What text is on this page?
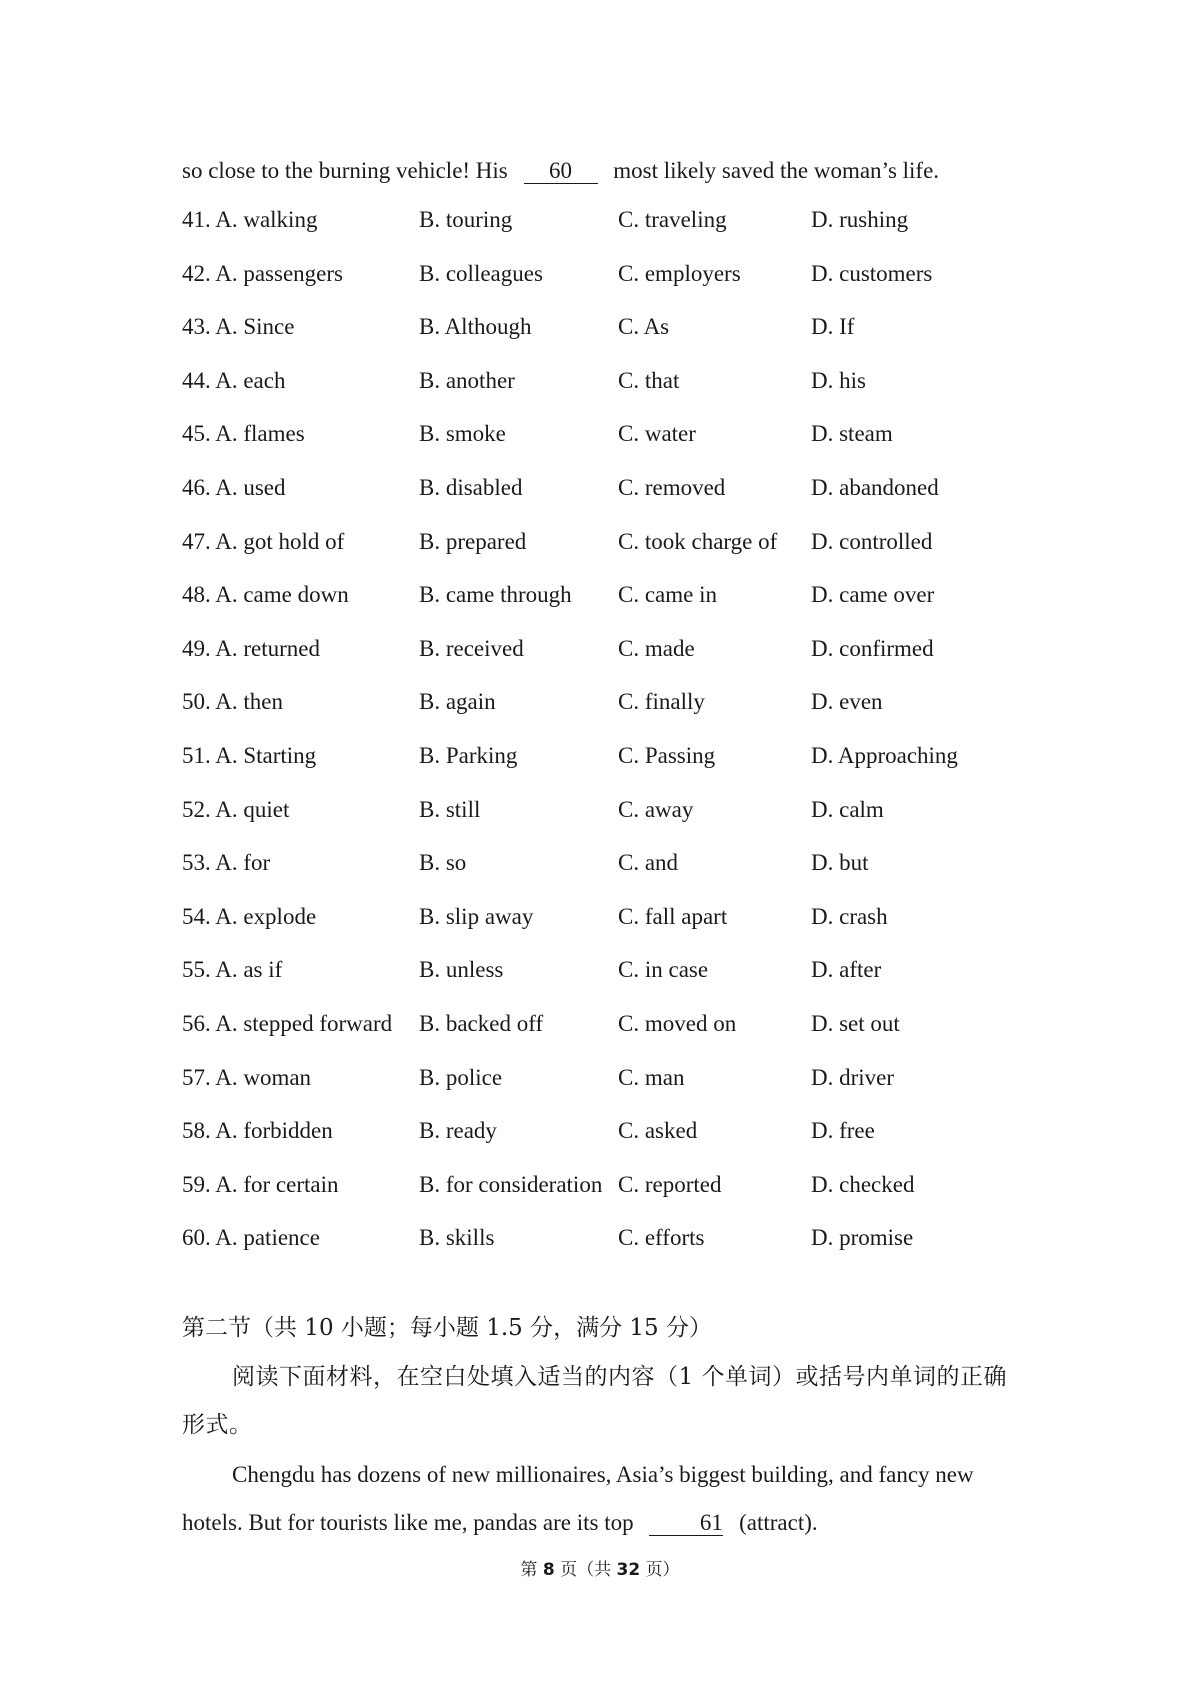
so close to the burning vehicle! His 60 most likely saved the woman’s life.
41. A. walking	B. touring	C. traveling	D. rushing
42. A. passengers	B. colleagues	C. employers	D. customers
43. A. Since	B. Although	C. As	D. If
44. A. each	B. another	C. that	D. his
45. A. flames	B. smoke	C. water	D. steam
46. A. used	B. disabled	C. removed	D. abandoned
47. A. got hold of	B. prepared	C. took charge of D. controlled
48. A. came down	B. came through C. came in	D. came over
49. A. returned	B. received	C. made	D. confirmed
50. A. then	B. again	C. finally	D. even
51. A. Starting	B. Parking	C. Passing	D. Approaching
52. A. quiet	B. still	C. away	D. calm
53. A. for	B. so	C. and	D. but
54. A. explode	B. slip away	C. fall apart	D. crash
55. A. as if	B. unless	C. in case	D. after
56. A. stepped forward B. backed off	C. moved on	D. set out
57. A. woman	B. police	C. man	D. driver
58. A. forbidden	B. ready	C. asked	D. free
59. A. for certain	B. for consideration C. reported	D. checked
60. A. patience	B. skills	C. efforts	D. promise
第二节（共 10 小题；每小题 1.5 分，满分 15 分）
阅读下面材料，在空白处填入适当的内容（1 个单词）或括号内单词的正确形式。
Chengdu has dozens of new millionaires, Asia’s biggest building, and fancy new hotels. But for tourists like me, pandas are its top	61 (attract).
第 8 页（共 32 页）
